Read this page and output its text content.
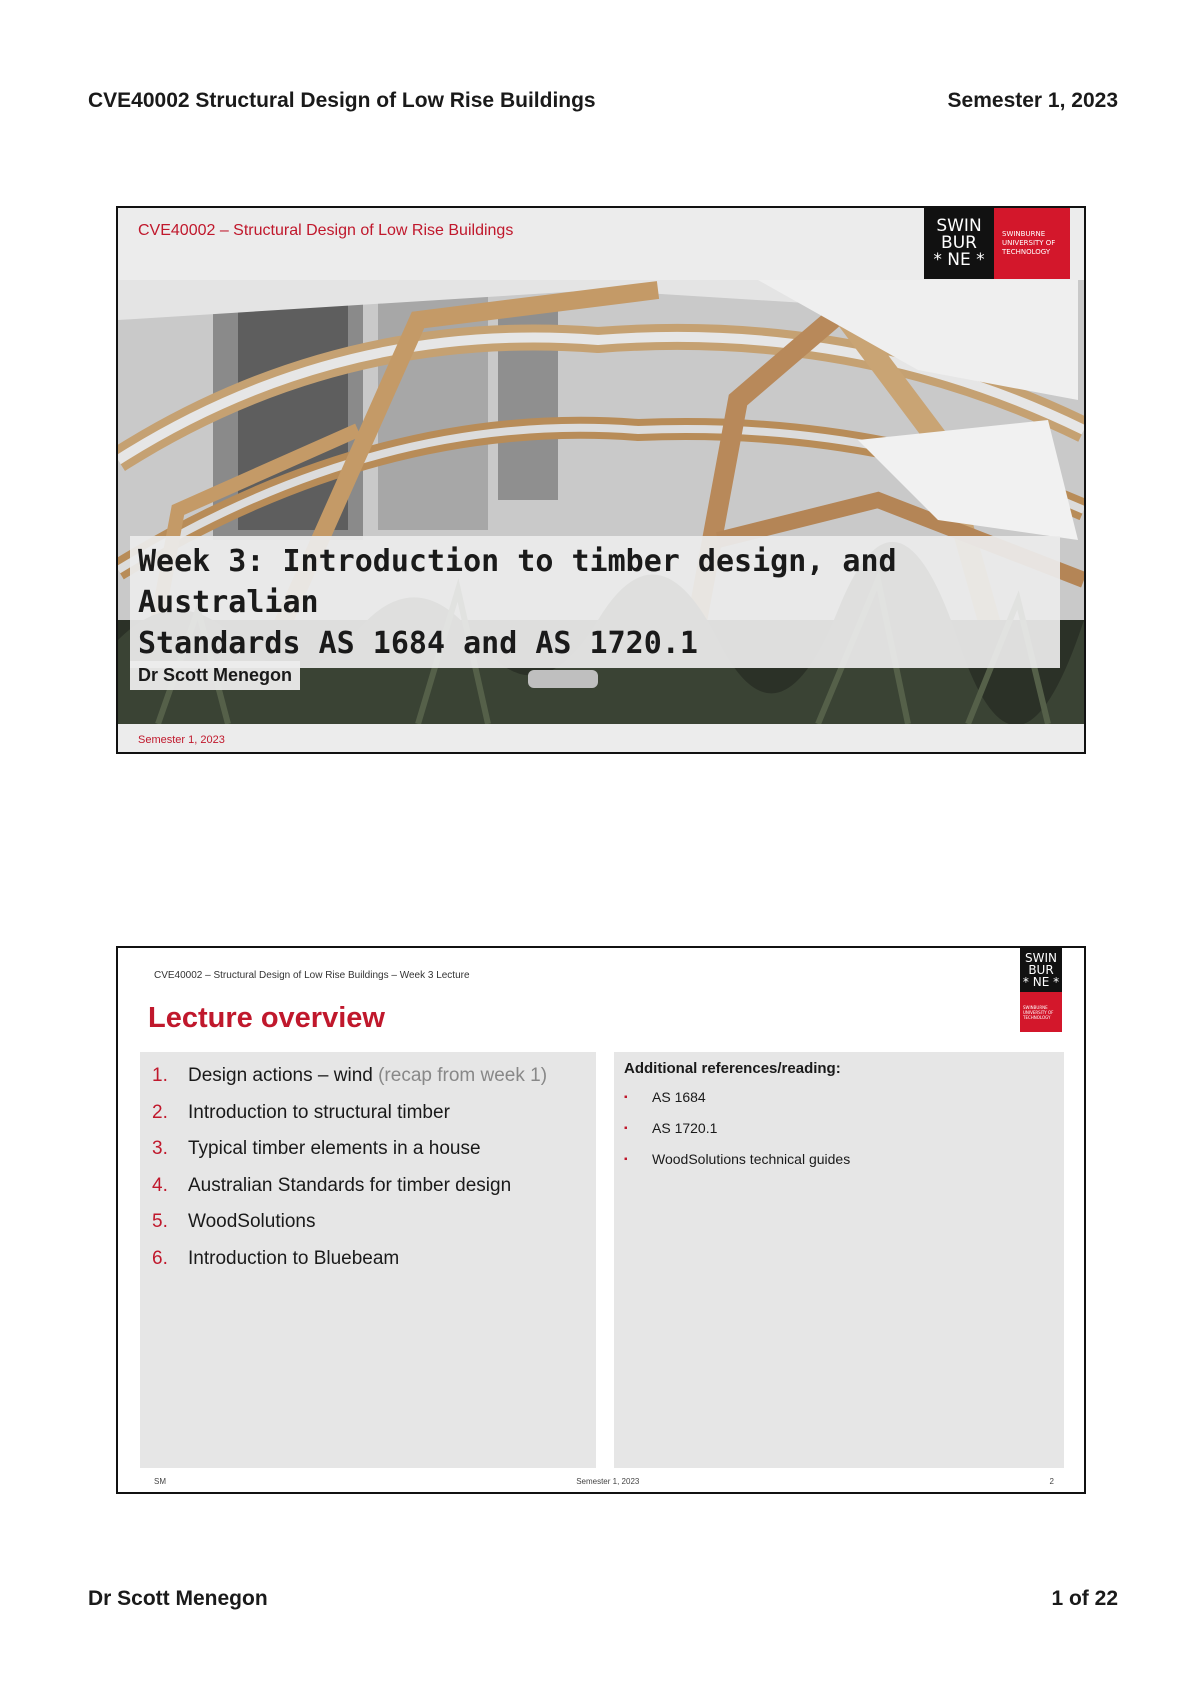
CVE40002 Structural Design of Low Rise Buildings	Semester 1, 2023
CVE40002 – Structural Design of Low Rise Buildings	SWIN
BUR
* NE *
SWINBURNE
UNIVERSITY OF
TECHNOLOGY
Week 3: Introduction to timber design, and Australian
Standards AS 1684 and AS 1720.1
Dr Scott Menegon
Semester 1, 2023
CVE40002 – Structural Design of Low Rise Buildings – Week 3 Lecture
SWIN
BUR
* NE *
SWINBURNE
UNIVERSITY OF
TECHNOLOGY
Lecture overview
1.	Design actions – wind (recap from week 1)
2.	Introduction to structural timber
3.	Typical timber elements in a house
4.	Australian Standards for timber design
5.	WoodSolutions
6.	Introduction to Bluebeam
Additional references/reading:
▪	AS 1684
▪	AS 1720.1
▪	WoodSolutions technical guides
SM	Semester 1, 2023	2
Dr Scott Menegon	1 of 22
